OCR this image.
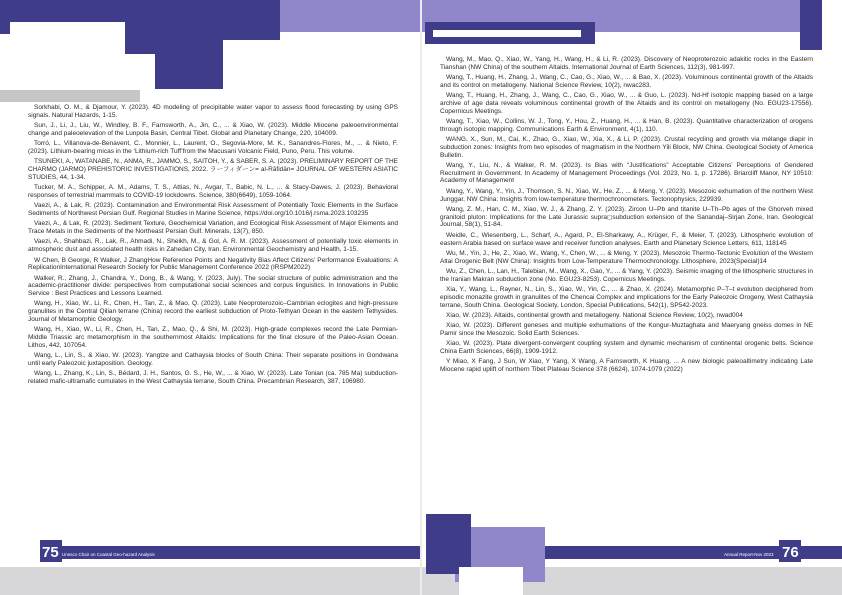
Sorkhabi, O. M., & Djamour, Y. (2023). 4D modeling of precipitable water vapor to assess flood forecasting by using GPS signals. Natural Hazards, 1-15.

Sun, J., Li, J., Liu, W., Windley, B. F., Farnsworth, A., Jin, C., ... & Xiao, W. (2023). Middle Miocene paleoenvironmental change and paleoelevation of the Lunpola Basin, Central Tibet. Global and Planetary Change, 220, 104009.

Torró, L., Villanova-de-Benavent, C., Monnier, L., Laurent, O., Segovia-More, M. K., Sanandres-Flores, M., ... & Nieto, F. (2023). Lithium-bearing micas in the ‘Lithium-rich Tuff’from the Macusani Volcanic Field, Puno, Peru. This volume.

TSUNEKI, A., WATANABE, N., ANMA, R., JAMMO, S., SAITOH, Y., & SABER, S. A. (2023). PRELIMINARY REPORT OF THE CHARMO (JARMO) PREHISTORIC INVESTIGATIONS, 2022. ラーフィダーン= al-Rāfidān= JOURNAL OF WESTERN ASIATIC STUDIES, 44, 1-34.

Tucker, M. A., Schipper, A. M., Adams, T. S., Attias, N., Avgar, T., Babic, N. L., ... & Stacy-Dawes, J. (2023). Behavioral responses of terrestrial mammals to COVID-19 lockdowns. Science, 380(6649), 1059-1064.

Vaezi, A., & Lak, R. (2023). Contamination and Environmental Risk Assessment of Potentially Toxic Elements in the Surface Sediments of Northwest Persian Gulf. Regional Studies in Marine Science, https://doi.org/10.1016/j.rsma.2023.103235

Vaezi, A., & Lak, R. (2023). Sediment Texture, Geochemical Variation, and Ecological Risk Assessment of Major Elements and Trace Metals in the Sediments of the Northeast Persian Gulf. Minerals, 13(7), 850.

Vaezi, A., Shahbazi, R., Lak, R., Ahmadi, N., Sheikh, M., & Gol, A. R. M. (2023). Assessment of potentially toxic elements in atmospheric dust and associated health risks in Zahedan City, Iran. Environmental Geochemistry and Health, 1-15.

W Chen, B George, R Walker, J ZhangHow Reference Points and Negativity Bias Affect Citizens’ Performance Evaluations: A ReplicationInternational Research Society for Public Management Conference 2022 (IRSPM2022)

Walker, R., Zhang, J., Chandra, Y., Dong, B., & Wang, Y. (2023, July). The social structure of public administration and the academic-practitioner divide: perspectives from computational social sciences and corpus linguistics. In Innovations in Public Service : Best Practices and Lessons Learned.

Wang, H., Xiao, W., Li, R., Chen, H., Tan, Z., & Mao, Q. (2023). Late Neoproterozoic–Cambrian eclogites and high-pressure granulites in the Central Qilian terrane (China) record the earliest subduction of Proto-Tethyan Ocean in the eastern Tethysides. Journal of Metamorphic Geology.

Wang, H., Xiao, W., Li, R., Chen, H., Tan, Z., Mao, Q., & Shi, M. (2023). High-grade complexes record the Late Permian-Middle Triassic arc metamorphism in the southernmost Altaids: Implications for the final closure of the Paleo-Asian Ocean. Lithos, 442, 107054.

Wang, L., Lin, S., & Xiao, W. (2023). Yangtze and Cathaysia blocks of South China: Their separate positions in Gondwana until early Paleozoic juxtaposition. Geology.

Wang, L., Zhang, K., Lin, S., Bédard, J. H., Santos, G. S., He, W., ... & Xiao, W. (2023). Late Tonian (ca. 785 Ma) subduction-related mafic-ultramafic cumulates in the West Cathaysia terrane, South China. Precambrian Research, 387, 106980.

Wang, M., Mao, Q., Xiao, W., Yang, H., Wang, H., & Li, R. (2023). Discovery of Neoproterozoic adakitic rocks in the Eastern Tianshan (NW China) of the southern Altaids. International Journal of Earth Sciences, 112(3), 981-997.

Wang, T., Huang, H., Zhang, J., Wang, C., Cao, G., Xiao, W., ... & Bao, X. (2023). Voluminous continental growth of the Altaids and its control on metallogeny. National Science Review, 10(2), nwac283.

Wang, T., Huang, H., Zhang, J., Wang, C., Cao, G., Xiao, W., ... & Guo, L. (2023). Nd-Hf isotopic mapping based on a large archive of age data reveals voluminous continental growth of the Altaids and its control on metallogeny (No. EGU23-17556). Copernicus Meetings.

Wang, T., Xiao, W., Collins, W. J., Tong, Y., Hou, Z., Huang, H., ... & Han, B. (2023). Quantitative characterization of orogens through isotopic mapping. Communications Earth & Environment, 4(1), 110.

WANG, X., Sun, M., Cai, K., Zhao, G., Xiao, W., Xia, X., & Li, P. (2023). Crustal recycling and growth via mélange diapir in subduction zones: Insights from two episodes of magmatism in the Northern Yili Block, NW China. Geological Society of America Bulletin.

Wang, Y., Liu, N., & Walker, R. M. (2023). Is Bias with “Justifications” Acceptable Citizens’ Perceptions of Gendered Recruitment in Government. In Academy of Management Proceedings (Vol. 2023, No. 1, p. 17286). Briarcliff Manor, NY 10510: Academy of Management

Wang, Y., Wang, Y., Yin, J., Thomson, S. N., Xiao, W., He, Z., ... & Meng, Y. (2023). Mesozoic exhumation of the northern West Junggar, NW China: Insights from low-temperature thermochronometers. Tectonophysics, 229939.

Wang, Z. M., Han, C. M., Xiao, W. J., & Zhang, Z. Y. (2023). Zircon U–Pb and titanite U–Th–Pb ages of the Ghorveh mixed granitoid pluton: Implications for the Late Jurassic supra◻subduction extension of the Sanandaj–Sirjan Zone, Iran. Geological Journal, 58(1), 51-84.

Weidle, C., Wiesenberg, L., Scharf, A., Agard, P., El-Sharkawy, A., Krüger, F., & Meier, T. (2023). Lithospheric evolution of eastern Arabia based on surface wave and receiver function analyses. Earth and Planetary Science Letters, 611, 118145

Wu, M., Yin, J., He, Z., Xiao, W., Wang, Y., Chen, W., ... & Meng, Y. (2023). Mesozoic Thermo-Tectonic Evolution of the Western Altai Orogenic Belt (NW China): Insights from Low-Temperature Thermochronology. Lithosphere, 2023(Special)14

Wu, Z., Chen, L., Lan, H., Talebian, M., Wang, X., Gao, Y., ... & Yang, Y. (2023). Seismic imaging of the lithospheric structures in the Iranian Makran subduction zone (No. EGU23-8253). Copernicus Meetings.

Xia, Y., Wang, L., Rayner, N., Lin, S., Xiao, W., Yin, C., ... & Zhao, X. (2024). Metamorphic P–T–t evolution deciphered from episodic monazite growth in granulites of the Chencai Complex and implications for the Early Paleozoic Orogeny, West Cathaysia terrane, South China. Geological Society, London, Special Publications, 542(1), SP542-2023.

Xiao, W. (2023). Altaids, continental growth and metallogeny. National Science Review, 10(2), nwad004

Xiao, W. (2023). Different geneses and multiple exhumations of the Kongur-Muztaghata and Maeryang gneiss domes in NE Pamir since the Mesozoic. Solid Earth Sciences.

Xiao, W. (2023). Plate divergent-convergent coupling system and dynamic mechanism of continental orogenic belts. Science China Earth Sciences, 66(8), 1909-1912.

Y Miao, X Fang, J Sun, W Xiao, Y Yang, X Wang, A Farnsworth, K Huang, ... A new biologic paleoaltimetry indicating Late Miocene rapid uplift of northern Tibet Plateau Science 378 (6624), 1074-1079 (2022)

75 Unesco Chair on Coastal Geo-hazard Analysis	Annual Report-Nov 2023 76
